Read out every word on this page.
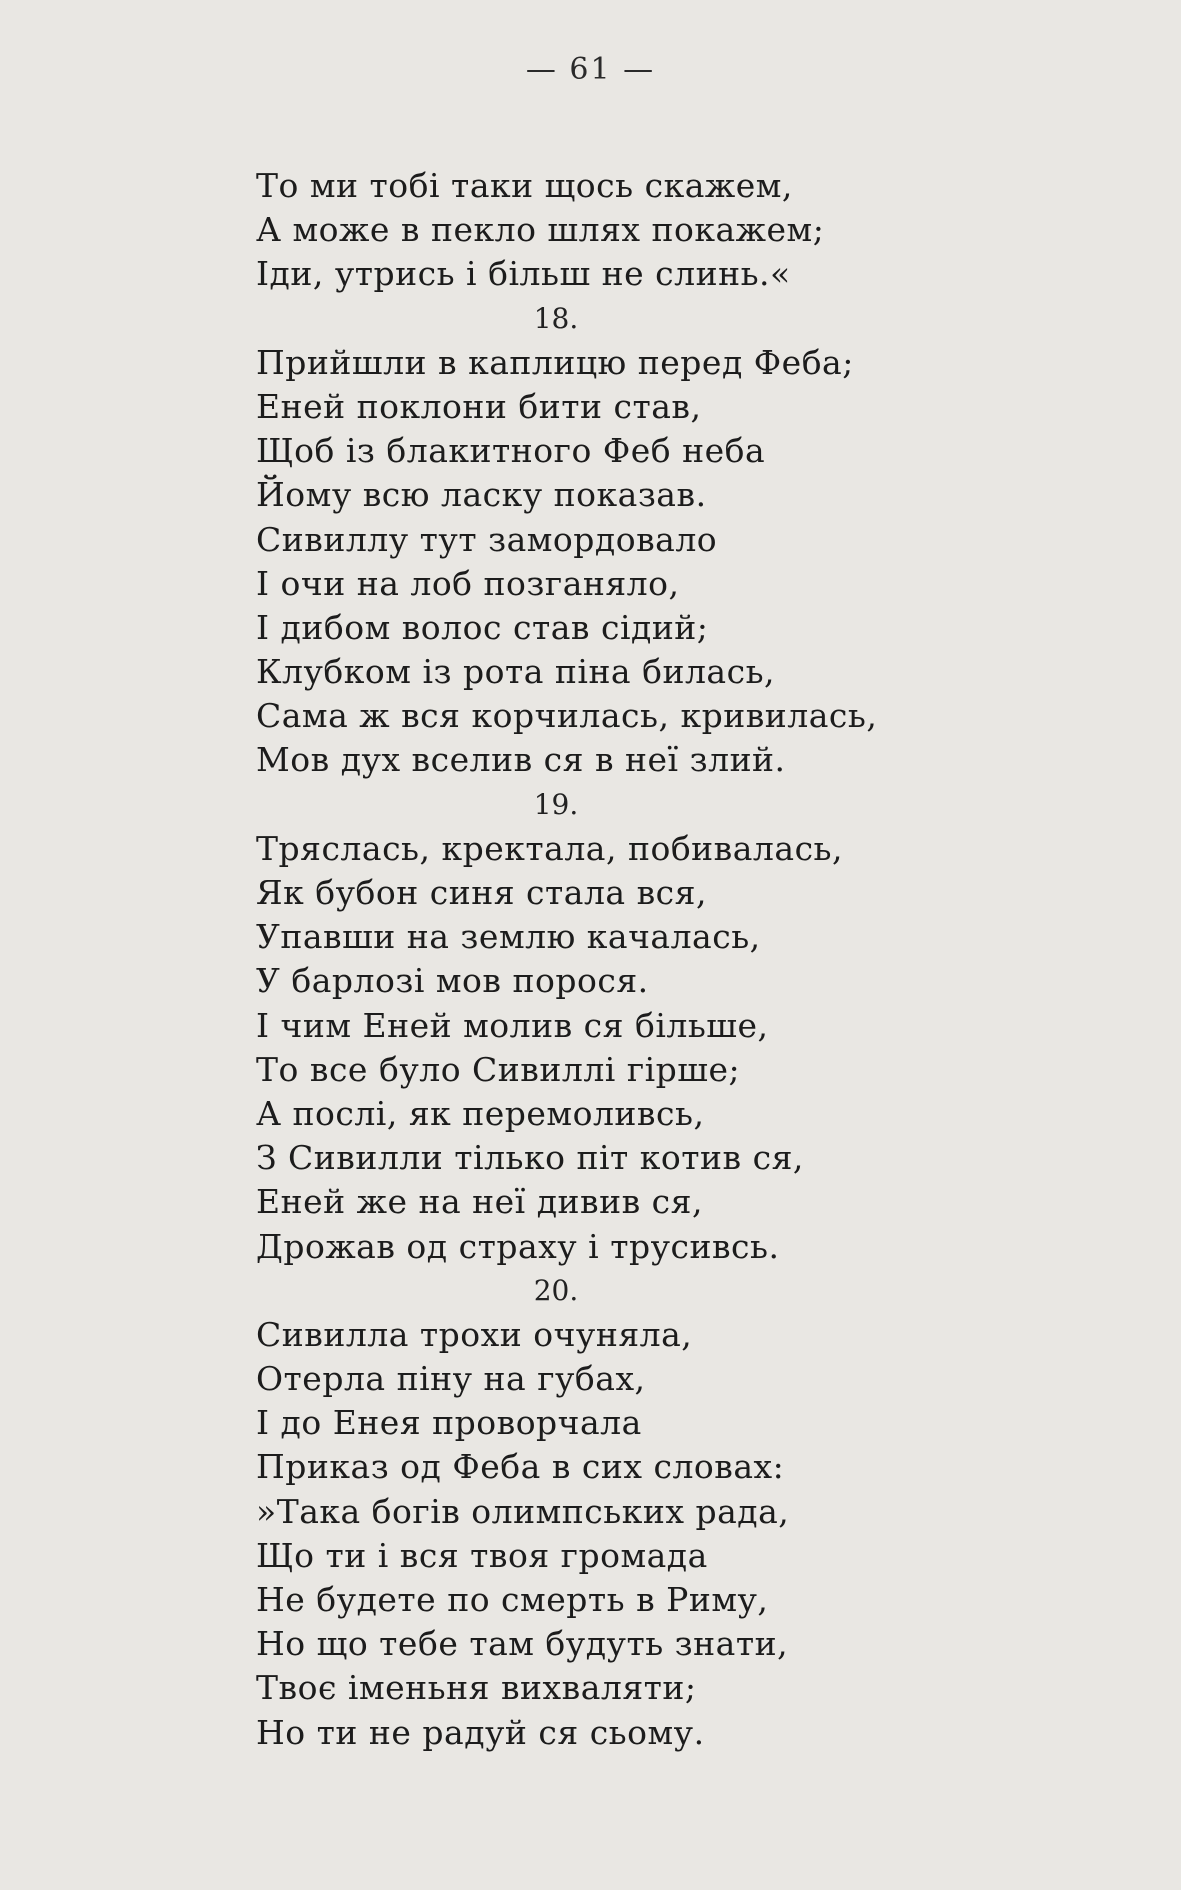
— 61 —
То ми тобі таки щось скажем,
А може в пекло шлях покажем;
Іди, утрись і більш не слинь.«
18.
Прийшли в каплицю перед Феба;
Еней поклони бити став,
Щоб із блакитного Феб неба
Йому всю ласку показав.
Сивиллу тут замордовало
І очи на лоб позганяло,
І дибом волос став сідий;
Клубком із рота піна билась,
Сама ж вся корчилась, кривилась,
Мов дух вселив ся в неї злий.
19.
Тряслась, кректала, побивалась,
Як бубон синя стала вся,
Упавши на землю качалась,
У барлозі мов порося.
І чим Еней молив ся більше,
То все було Сивиллі гірше;
А послі, як перемоливсь,
З Сивилли тілько піт котив ся,
Еней же на неї дивив ся,
Дрожав од страху і трусивсь.
20.
Сивилла трохи очуняла,
Отерла піну на губах,
І до Енея проворчала
Приказ од Феба в сих словах:
»Така богів олимпських рада,
Що ти і вся твоя громада
Не будете по смерть в Риму,
Но що тебе там будуть знати,
Твоє іменьня вихваляти;
Но ти не радуй ся сьому.
